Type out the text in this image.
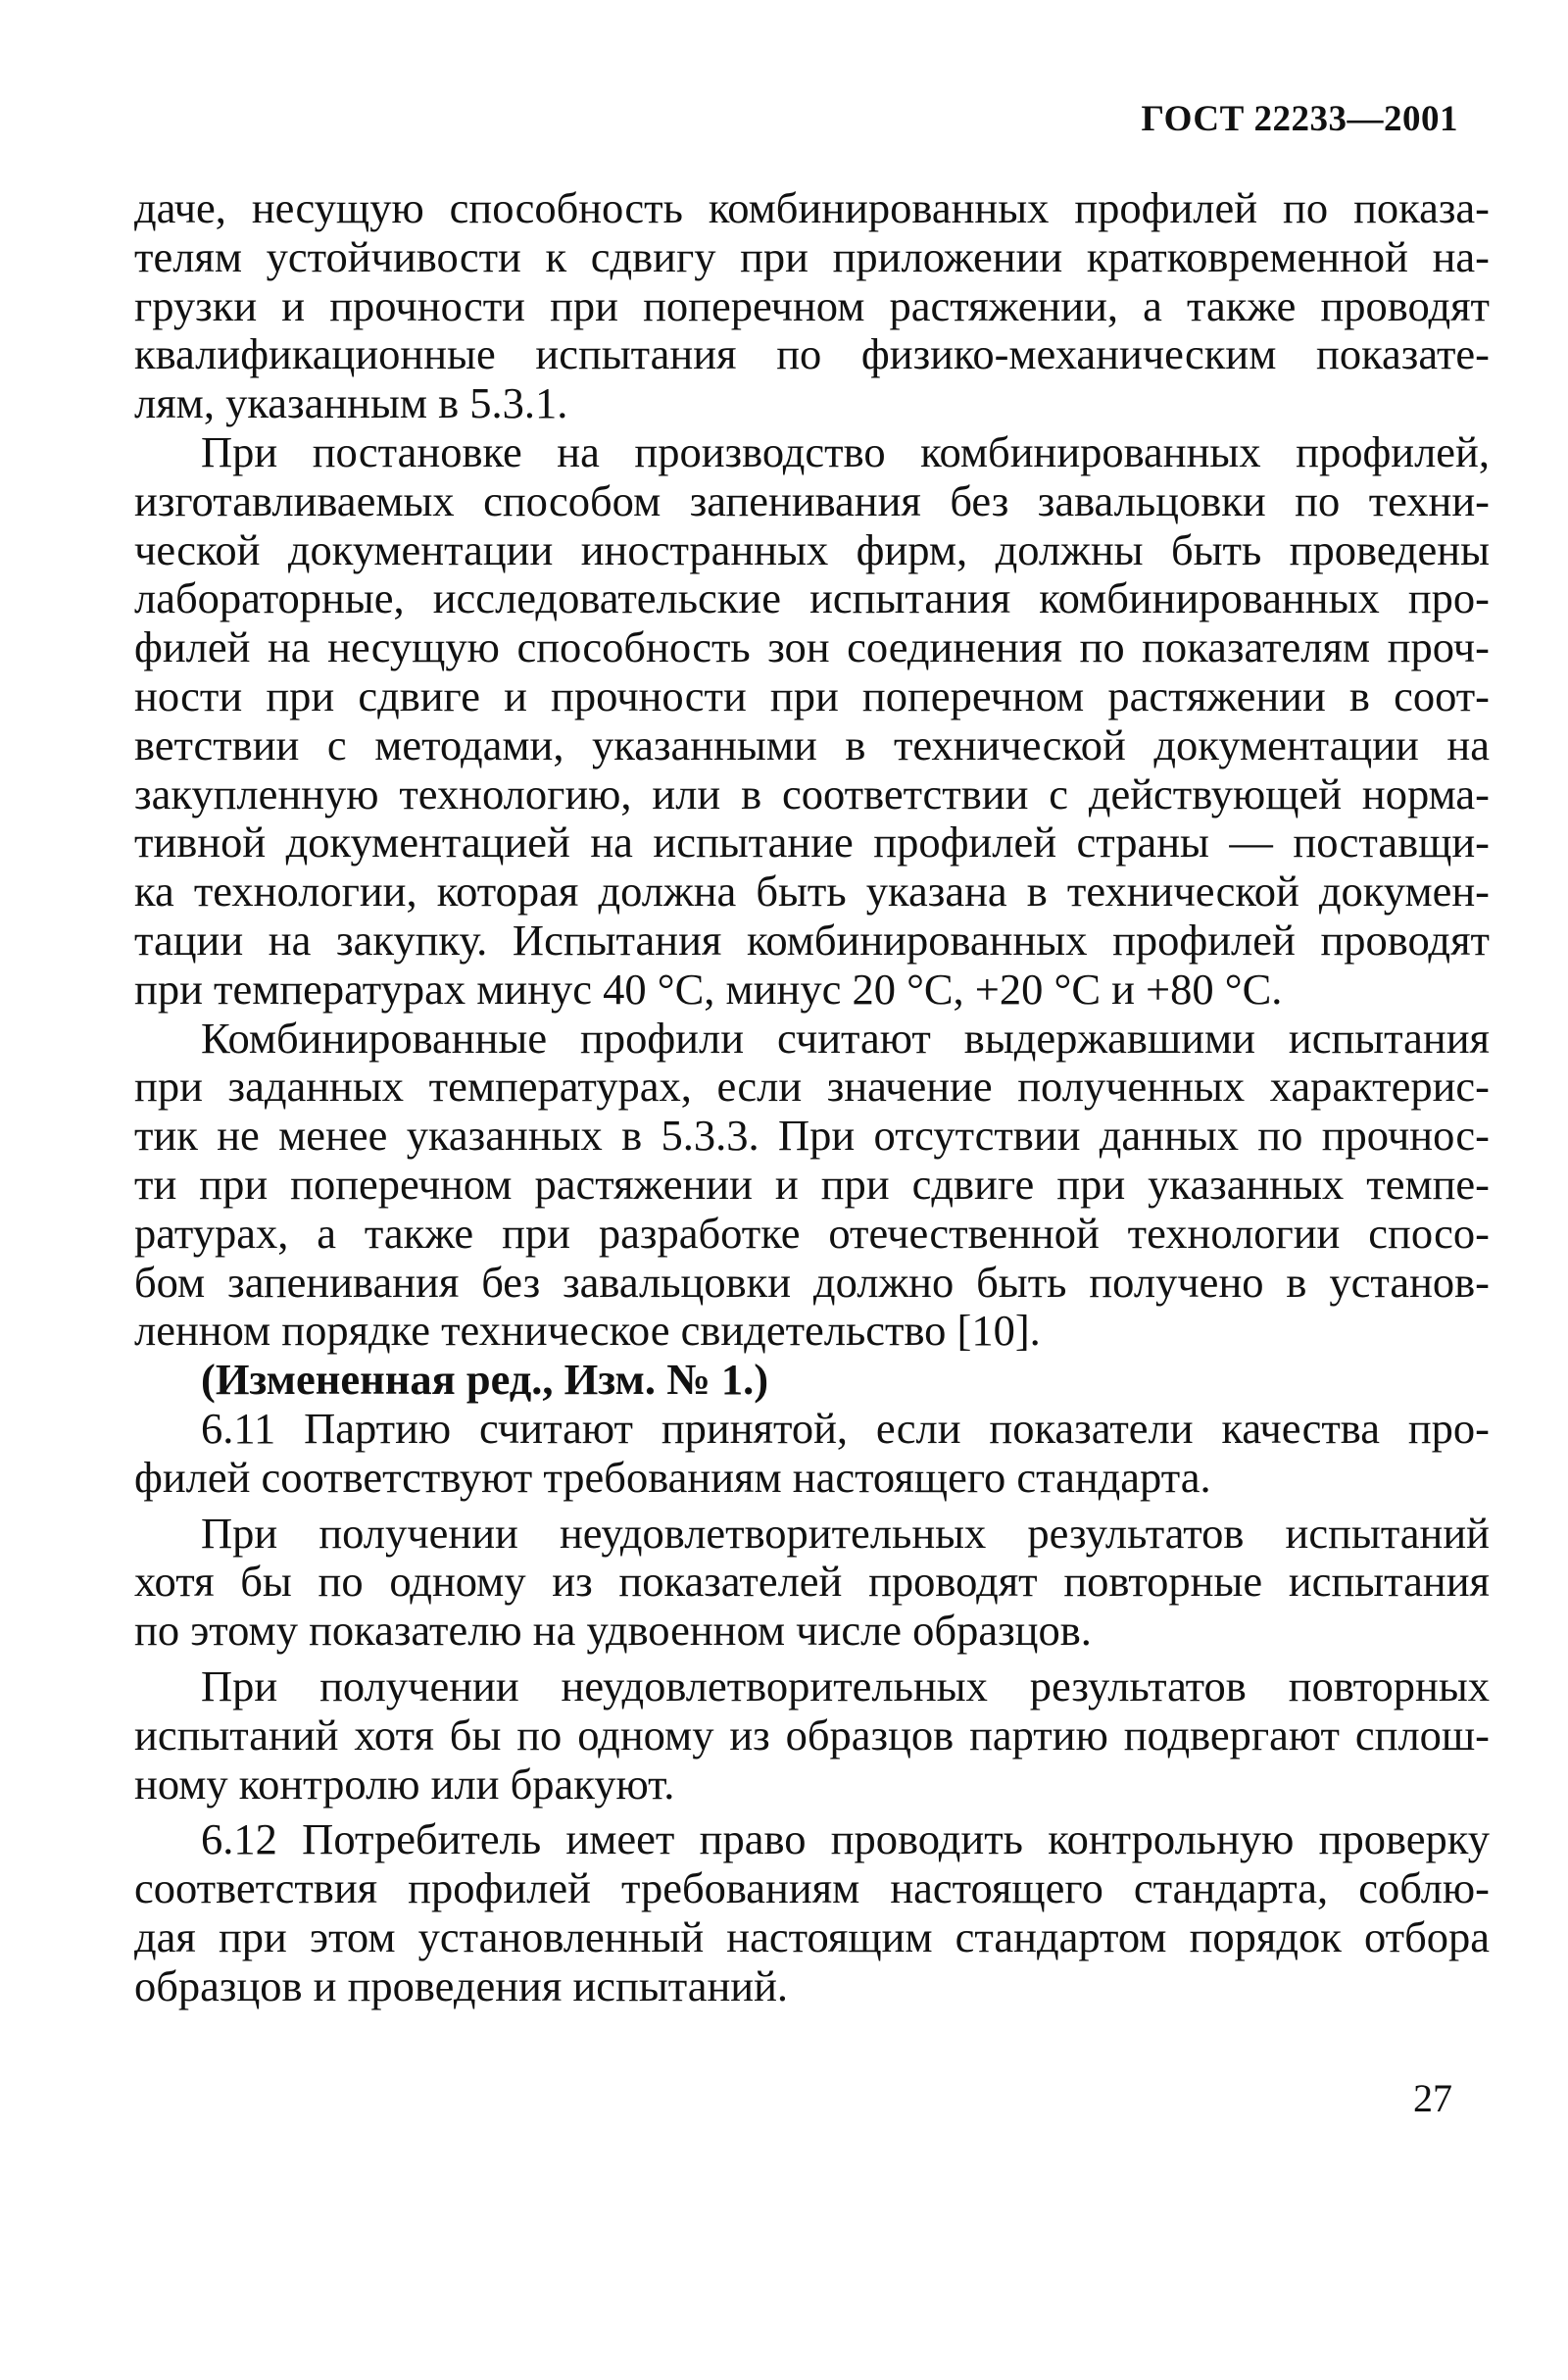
ГОСТ 22233—2001
даче, несущую способность комбинированных профилей по показа-
телям устойчивости к сдвигу при приложении кратковременной на-
грузки и прочности при поперечном растяжении, а также проводят
квалификационные испытания по физико-механическим показате-
лям, указанным в 5.3.1.
При постановке на производство комбинированных профилей,
изготавливаемых способом запенивания без завальцовки по техни-
ческой документации иностранных фирм, должны быть проведены
лабораторные, исследовательские испытания комбинированных про-
филей на несущую способность зон соединения по показателям проч-
ности при сдвиге и прочности при поперечном растяжении в соот-
ветствии с методами, указанными в технической документации на
закупленную технологию, или в соответствии с действующей норма-
тивной документацией на испытание профилей страны — поставщи-
ка технологии, которая должна быть указана в технической докумен-
тации на закупку. Испытания комбинированных профилей проводят
при температурах минус 40 °С, минус 20 °С, +20 °С и +80 °С.
Комбинированные профили считают выдержавшими испытания
при заданных температурах, если значение полученных характерис-
тик не менее указанных в 5.3.3. При отсутствии данных по прочнос-
ти при поперечном растяжении и при сдвиге при указанных темпе-
ратурах, а также при разработке отечественной технологии спосо-
бом запенивания без завальцовки должно быть получено в установ-
ленном порядке техническое свидетельство [10].
(Измененная ред., Изм. № 1.)
6.11 Партию считают принятой, если показатели качества про-
филей соответствуют требованиям настоящего стандарта.
При получении неудовлетворительных результатов испытаний
хотя бы по одному из показателей проводят повторные испытания
по этому показателю на удвоенном числе образцов.
При получении неудовлетворительных результатов повторных
испытаний хотя бы по одному из образцов партию подвергают сплош-
ному контролю или бракуют.
6.12 Потребитель имеет право проводить контрольную проверку
соответствия профилей требованиям настоящего стандарта, соблю-
дая при этом установленный настоящим стандартом порядок отбора
образцов и проведения испытаний.
27
